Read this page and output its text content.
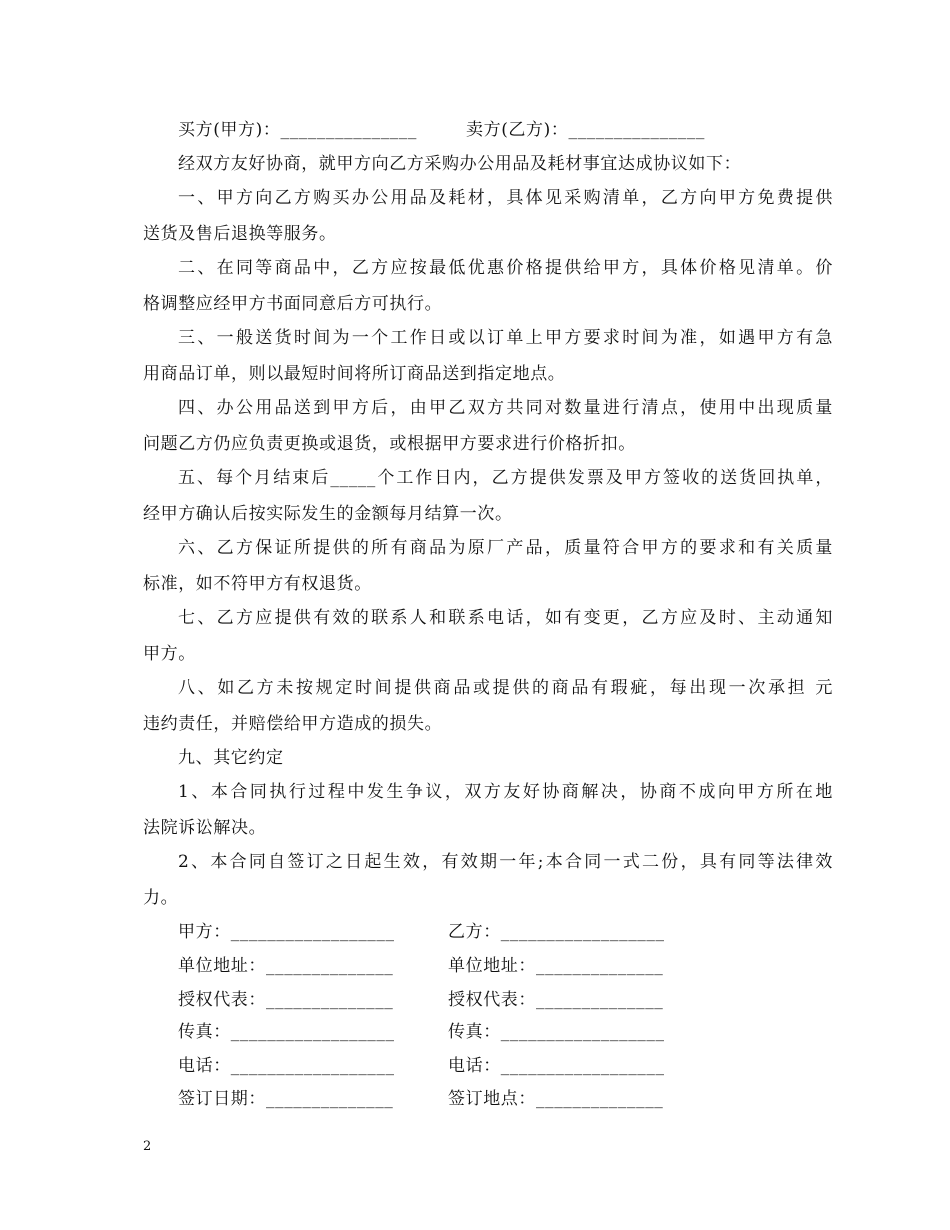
买方(甲方)：_______________	卖方(乙方)：_______________
经双方友好协商，就甲方向乙方采购办公用品及耗材事宜达成协议如下：
一、甲方向乙方购买办公用品及耗材，具体见采购清单，乙方向甲方免费提供
送货及售后退换等服务。
二、在同等商品中，乙方应按最低优惠价格提供给甲方，具体价格见清单。价
格调整应经甲方书面同意后方可执行。
三、一般送货时间为一个工作日或以订单上甲方要求时间为准，如遇甲方有急
用商品订单，则以最短时间将所订商品送到指定地点。
四、办公用品送到甲方后，由甲乙双方共同对数量进行清点，使用中出现质量
问题乙方仍应负责更换或退货，或根据甲方要求进行价格折扣。
五、每个月结束后_____个工作日内，乙方提供发票及甲方签收的送货回执单，
经甲方确认后按实际发生的金额每月结算一次。
六、乙方保证所提供的所有商品为原厂产品，质量符合甲方的要求和有关质量
标准，如不符甲方有权退货。
七、乙方应提供有效的联系人和联系电话，如有变更，乙方应及时、主动通知
甲方。
八、如乙方未按规定时间提供商品或提供的商品有瑕疵，每出现一次承担 元
违约责任，并赔偿给甲方造成的损失。
九、其它约定
1、本合同执行过程中发生争议，双方友好协商解决，协商不成向甲方所在地
法院诉讼解决。
2、本合同自签订之日起生效，有效期一年;本合同一式二份，具有同等法律效
力。
甲方：__________________	乙方：__________________
单位地址：______________	单位地址：______________
授权代表：______________	授权代表：______________
传真：__________________	传真：__________________
电话：__________________	电话：__________________
签订日期：______________	签订地点：______________
2
